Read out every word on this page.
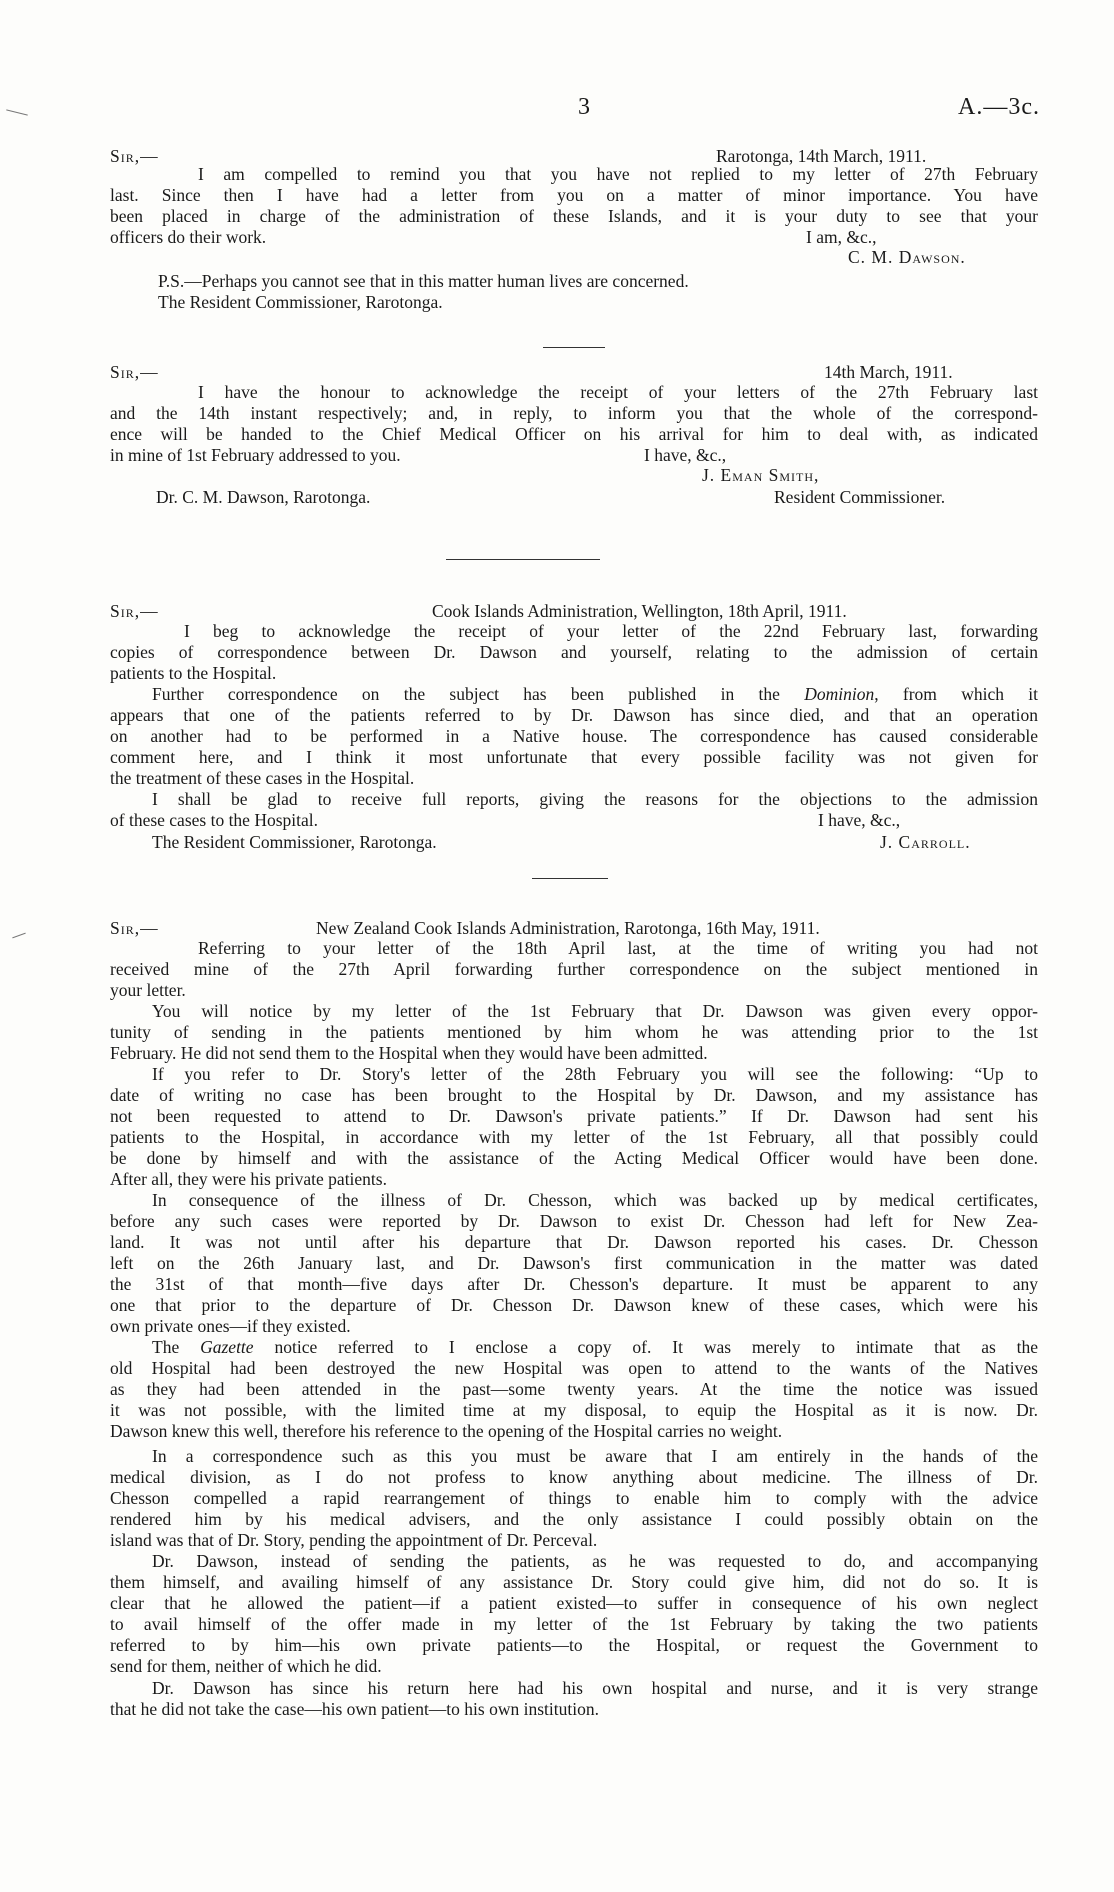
3	A.—3c.
Sir,—	Rarotonga, 14th March, 1911.
I am compelled to remind you that you have not replied to my letter of 27th February
last. Since then I have had a letter from you on a matter of minor importance. You have
been placed in charge of the administration of these Islands, and it is your duty to see that your
officers do their work.	I am, &c.,
C. M. Dawson.
P.S.—Perhaps you cannot see that in this matter human lives are concerned.
The Resident Commissioner, Rarotonga.
Sir,—	14th March, 1911.
I have the honour to acknowledge the receipt of your letters of the 27th February last
and the 14th instant respectively; and, in reply, to inform you that the whole of the correspond-
ence will be handed to the Chief Medical Officer on his arrival for him to deal with, as indicated
in mine of 1st February addressed to you.	I have, &c.,
J. Eman Smith,
Dr. C. M. Dawson, Rarotonga.	Resident Commissioner.
Sir,—	Cook Islands Administration, Wellington, 18th April, 1911.
I beg to acknowledge the receipt of your letter of the 22nd February last, forwarding
copies of correspondence between Dr. Dawson and yourself, relating to the admission of certain
patients to the Hospital.
Further correspondence on the subject has been published in the Dominion, from which it
appears that one of the patients referred to by Dr. Dawson has since died, and that an operation
on another had to be performed in a Native house. The correspondence has caused considerable
comment here, and I think it most unfortunate that every possible facility was not given for
the treatment of these cases in the Hospital.
I shall be glad to receive full reports, giving the reasons for the objections to the admission
of these cases to the Hospital.	I have, &c.,
The Resident Commissioner, Rarotonga.	J. Carroll.
Sir,—	New Zealand Cook Islands Administration, Rarotonga, 16th May, 1911.
Referring to your letter of the 18th April last, at the time of writing you had not
received mine of the 27th April forwarding further correspondence on the subject mentioned in
your letter.
You will notice by my letter of the 1st February that Dr. Dawson was given every oppor-
tunity of sending in the patients mentioned by him whom he was attending prior to the 1st
February. He did not send them to the Hospital when they would have been admitted.
If you refer to Dr. Story's letter of the 28th February you will see the following: “Up to
date of writing no case has been brought to the Hospital by Dr. Dawson, and my assistance has
not been requested to attend to Dr. Dawson's private patients.” If Dr. Dawson had sent his
patients to the Hospital, in accordance with my letter of the 1st February, all that possibly could
be done by himself and with the assistance of the Acting Medical Officer would have been done.
After all, they were his private patients.
In consequence of the illness of Dr. Chesson, which was backed up by medical certificates,
before any such cases were reported by Dr. Dawson to exist Dr. Chesson had left for New Zea-
land. It was not until after his departure that Dr. Dawson reported his cases. Dr. Chesson
left on the 26th January last, and Dr. Dawson's first communication in the matter was dated
the 31st of that month—five days after Dr. Chesson's departure. It must be apparent to any
one that prior to the departure of Dr. Chesson Dr. Dawson knew of these cases, which were his
own private ones—if they existed.
The Gazette notice referred to I enclose a copy of. It was merely to intimate that as the
old Hospital had been destroyed the new Hospital was open to attend to the wants of the Natives
as they had been attended in the past—some twenty years. At the time the notice was issued
it was not possible, with the limited time at my disposal, to equip the Hospital as it is now. Dr.
Dawson knew this well, therefore his reference to the opening of the Hospital carries no weight.
In a correspondence such as this you must be aware that I am entirely in the hands of the
medical division, as I do not profess to know anything about medicine. The illness of Dr.
Chesson compelled a rapid rearrangement of things to enable him to comply with the advice
rendered him by his medical advisers, and the only assistance I could possibly obtain on the
island was that of Dr. Story, pending the appointment of Dr. Perceval.
Dr. Dawson, instead of sending the patients, as he was requested to do, and accompanying
them himself, and availing himself of any assistance Dr. Story could give him, did not do so. It is
clear that he allowed the patient—if a patient existed—to suffer in consequence of his own neglect
to avail himself of the offer made in my letter of the 1st February by taking the two patients
referred to by him—his own private patients—to the Hospital, or request the Government to
send for them, neither of which he did.
Dr. Dawson has since his return here had his own hospital and nurse, and it is very strange
that he did not take the case—his own patient—to his own institution.
